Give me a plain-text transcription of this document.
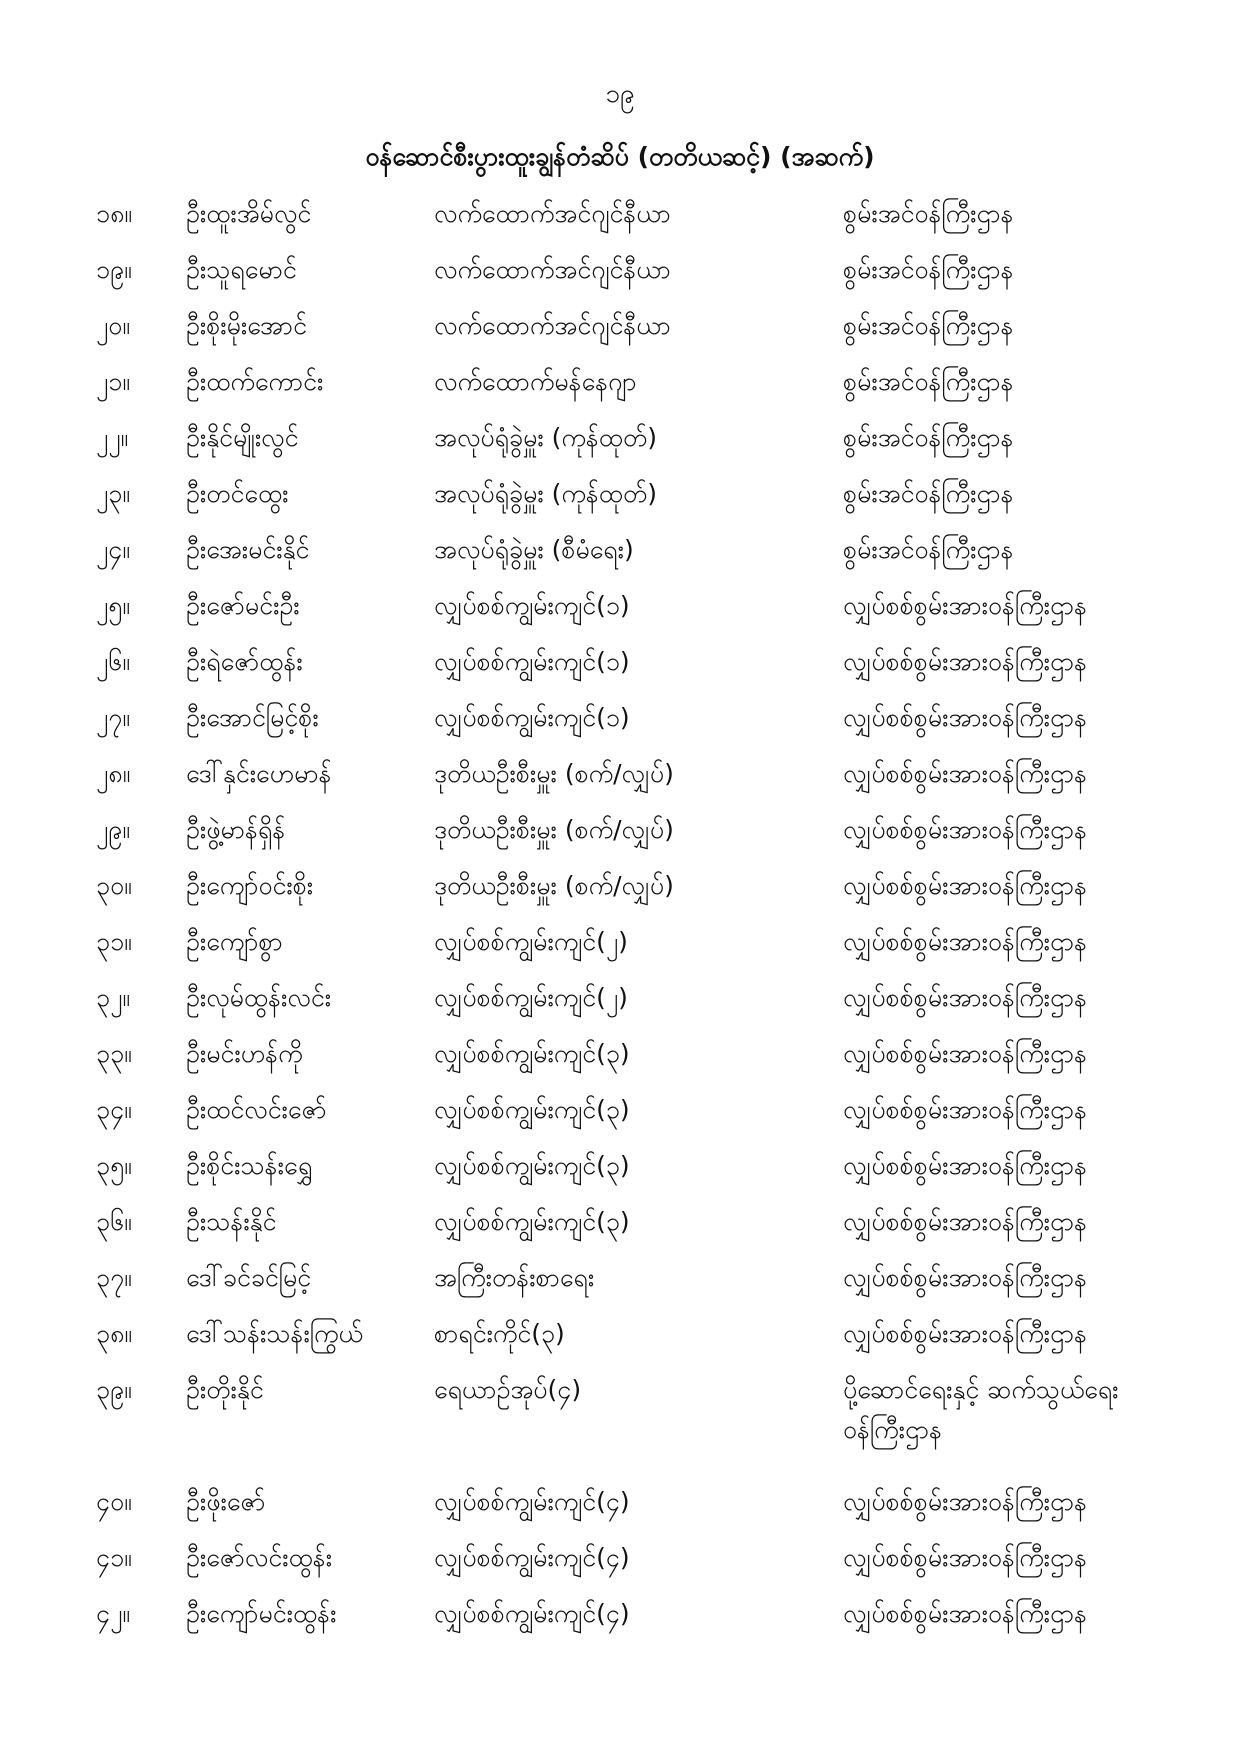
၁၉
ဝန်ဆောင်စီးပွားထူးချွန်တံဆိပ် (တတိယဆင့်) (အဆက်)
၁၈။	ဦးထူးအိမ်လွင်	လက်ထောက်အင်ဂျင်နီယာ	စွမ်းအင်ဝန်ကြီးဌာန
၁၉။	ဦးသူရမောင်	လက်ထောက်အင်ဂျင်နီယာ	စွမ်းအင်ဝန်ကြီးဌာန
၂၀။	ဦးစိုးမိုးအောင်	လက်ထောက်အင်ဂျင်နီယာ	စွမ်းအင်ဝန်ကြီးဌာန
၂၁။	ဦးထက်ကောင်း	လက်ထောက်မန်နေဂျာ	စွမ်းအင်ဝန်ကြီးဌာန
၂၂။	ဦးနိုင်မျိုးလွင်	အလုပ်ရုံခွဲမှူး (ကုန်ထုတ်)	စွမ်းအင်ဝန်ကြီးဌာန
၂၃။	ဦးတင်ထွေး	အလုပ်ရုံခွဲမှူး (ကုန်ထုတ်)	စွမ်းအင်ဝန်ကြီးဌာန
၂၄။	ဦးအေးမင်းနိုင်	အလုပ်ရုံခွဲမှူး (စီမံရေး)	စွမ်းအင်ဝန်ကြီးဌာန
၂၅။	ဦးဇော်မင်းဦး	လျှပ်စစ်ကျွမ်းကျင်(၁)	လျှပ်စစ်စွမ်းအားဝန်ကြီးဌာန
၂၆။	ဦးရဲဇော်ထွန်း	လျှပ်စစ်ကျွမ်းကျင်(၁)	လျှပ်စစ်စွမ်းအားဝန်ကြီးဌာန
၂၇။	ဦးအောင်မြင့်စိုး	လျှပ်စစ်ကျွမ်းကျင်(၁)	လျှပ်စစ်စွမ်းအားဝန်ကြီးဌာန
၂၈။	ဒေါ်နှင်းဟေမာန်	ဒုတိယဦးစီးမှူး (စက်/လျှပ်)	လျှပ်စစ်စွမ်းအားဝန်ကြီးဌာန
၂၉။	ဦးဖွဲ့မာန်ရှိန်	ဒုတိယဦးစီးမှူး (စက်/လျှပ်)	လျှပ်စစ်စွမ်းအားဝန်ကြီးဌာန
၃၀။	ဦးကျော်ဝင်းစိုး	ဒုတိယဦးစီးမှူး (စက်/လျှပ်)	လျှပ်စစ်စွမ်းအားဝန်ကြီးဌာန
၃၁။	ဦးကျော်စွာ	လျှပ်စစ်ကျွမ်းကျင်(၂)	လျှပ်စစ်စွမ်းအားဝန်ကြီးဌာန
၃၂။	ဦးလုမ်ထွန်းလင်း	လျှပ်စစ်ကျွမ်းကျင်(၂)	လျှပ်စစ်စွမ်းအားဝန်ကြီးဌာန
၃၃။	ဦးမင်းဟန်ကို	လျှပ်စစ်ကျွမ်းကျင်(၃)	လျှပ်စစ်စွမ်းအားဝန်ကြီးဌာန
၃၄။	ဦးထင်လင်းဇော်	လျှပ်စစ်ကျွမ်းကျင်(၃)	လျှပ်စစ်စွမ်းအားဝန်ကြီးဌာန
၃၅။	ဦးစိုင်းသန်းရွှေ	လျှပ်စစ်ကျွမ်းကျင်(၃)	လျှပ်စစ်စွမ်းအားဝန်ကြီးဌာန
၃၆။	ဦးသန်းနိုင်	လျှပ်စစ်ကျွမ်းကျင်(၃)	လျှပ်စစ်စွမ်းအားဝန်ကြီးဌာန
၃၇။	ဒေါ်ခင်ခင်မြင့်	အကြီးတန်းစာရေး	လျှပ်စစ်စွမ်းအားဝန်ကြီးဌာန
၃၈။	ဒေါ်သန်းသန်းကြွယ်	စာရင်းကိုင်(၃)	လျှပ်စစ်စွမ်းအားဝန်ကြီးဌာန
၃၉။	ဦးတိုးနိုင်	ရေယာဉ်အုပ်(၄)	ပို့ဆောင်ရေးနှင့် ဆက်သွယ်ရေး ဝန်ကြီးဌာန
၄၀။	ဦးဖိုးဇော်	လျှပ်စစ်ကျွမ်းကျင်(၄)	လျှပ်စစ်စွမ်းအားဝန်ကြီးဌာန
၄၁။	ဦးဇော်လင်းထွန်း	လျှပ်စစ်ကျွမ်းကျင်(၄)	လျှပ်စစ်စွမ်းအားဝန်ကြီးဌာန
၄၂။	ဦးကျော်မင်းထွန်း	လျှပ်စစ်ကျွမ်းကျင်(၄)	လျှပ်စစ်စွမ်းအားဝန်ကြီးဌာန
